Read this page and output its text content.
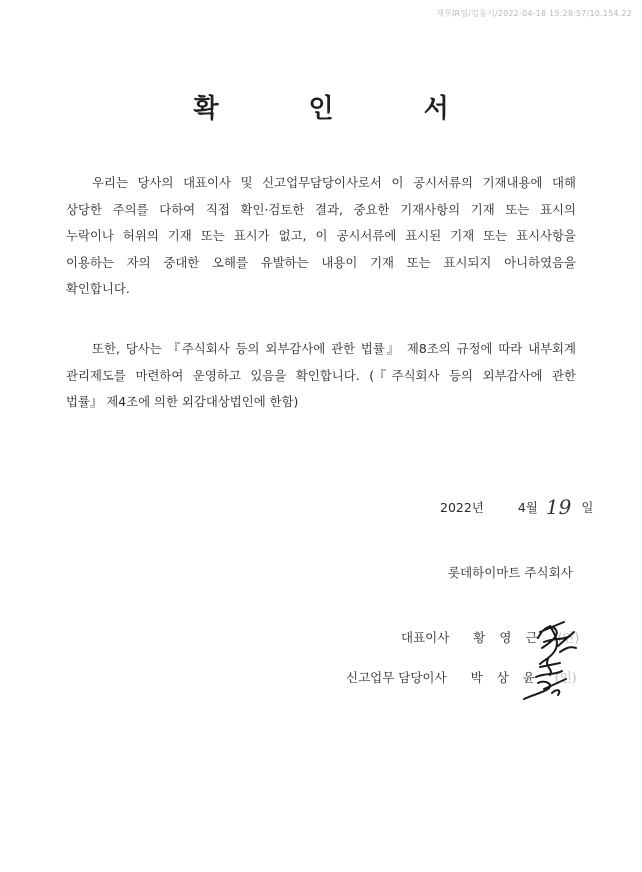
재무IR팀/김동기/2022-04-18 15:28:57/10.154.22
확	인	서
우리는 당사의 대표이사 및 신고업무담당이사로서 이 공시서류의 기재내용에 대해
상당한 주의를 다하여 직접 확인·검토한 결과, 중요한 기재사항의 기재 또는 표시의
누락이나 허위의 기재 또는 표시가 없고, 이 공시서류에 표시된 기재 또는 표시사항을
이용하는 자의 중대한 오해를 유발하는 내용이 기재 또는 표시되지 아니하였음을
확인합니다.
또한, 당사는 『주식회사 등의 외부감사에 관한 법률』 제8조의 규정에 따라 내부회계
관리제도를 마련하여 운영하고 있음을 확인합니다. (『주식회사 등의 외부감사에 관한
법률』 제4조에 의한 외감대상법인에 한함)
2022년	4월 19 일
롯데하이마트 주식회사
대표이사 황영근 (인)
신고업무 담당이사 박상윤 (인)
